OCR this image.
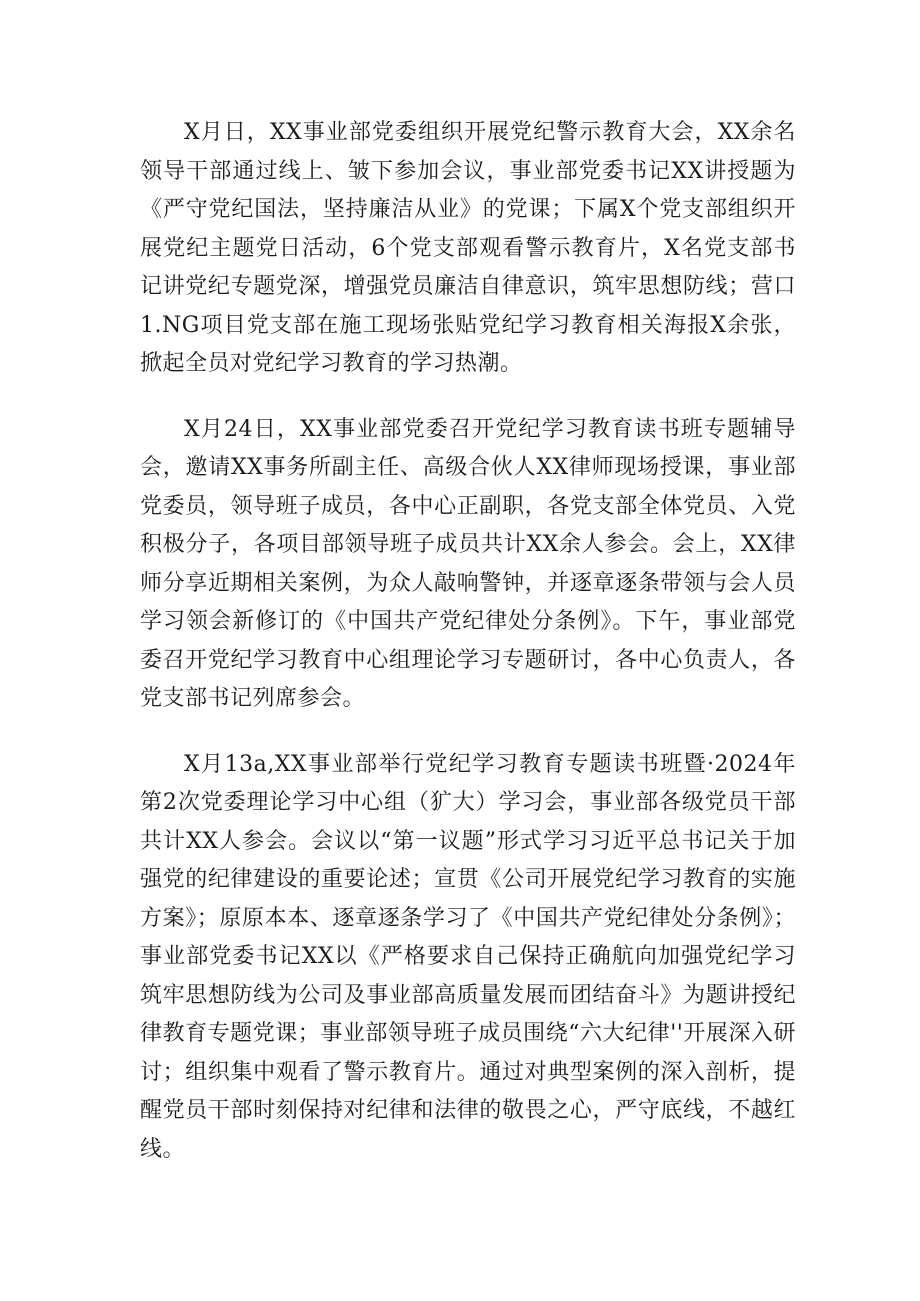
X月日，XX事业部党委组织开展党纪警示教育大会，XX余名领导干部通过线上、皱下参加会议，事业部党委书记XX讲授题为《严守党纪国法，坚持廉洁从业》的党课；下属X个党支部组织开展党纪主题党日活动，6个党支部观看警示教育片，X名党支部书记讲党纪专题党深，增强党员廉洁自律意识，筑牢思想防线；营口1.NG项目党支部在施工现场张贴党纪学习教育相关海报X余张，掀起全员对党纪学习教育的学习热潮。

X月24日，XX事业部党委召开党纪学习教育读书班专题辅导会，邀请XX事务所副主任、高级合伙人XX律师现场授课，事业部党委员，领导班子成员，各中心正副职，各党支部全体党员、入党积极分子，各项目部领导班子成员共计XX余人参会。会上，XX律师分享近期相关案例，为众人敲响警钟，并逐章逐条带领与会人员学习领会新修订的《中国共产党纪律处分条例》。下午，事业部党委召开党纪学习教育中心组理论学习专题研讨，各中心负责人，各党支部书记列席参会。

X月13a,XX事业部举行党纪学习教育专题读书班暨·2024年第2次党委理论学习中心组（犷大）学习会，事业部各级党员干部共计XX人参会。会议以“第一议题”形式学习习近平总书记关于加强党的纪律建设的重要论述；宣贯《公司开展党纪学习教育的实施方案》；原原本本、逐章逐条学习了《中国共产党纪律处分条例》；事业部党委书记XX以《严格要求自己保持正确航向加强党纪学习筑牢思想防线为公司及事业部高质量发展而团结奋斗》为题讲授纪律教育专题党课；事业部领导班子成员围绕“六大纪律''开展深入研讨；组织集中观看了警示教育片。通过对典型案例的深入剖析，提醒党员干部时刻保持对纪律和法律的敬畏之心，严守底线，不越红线。
